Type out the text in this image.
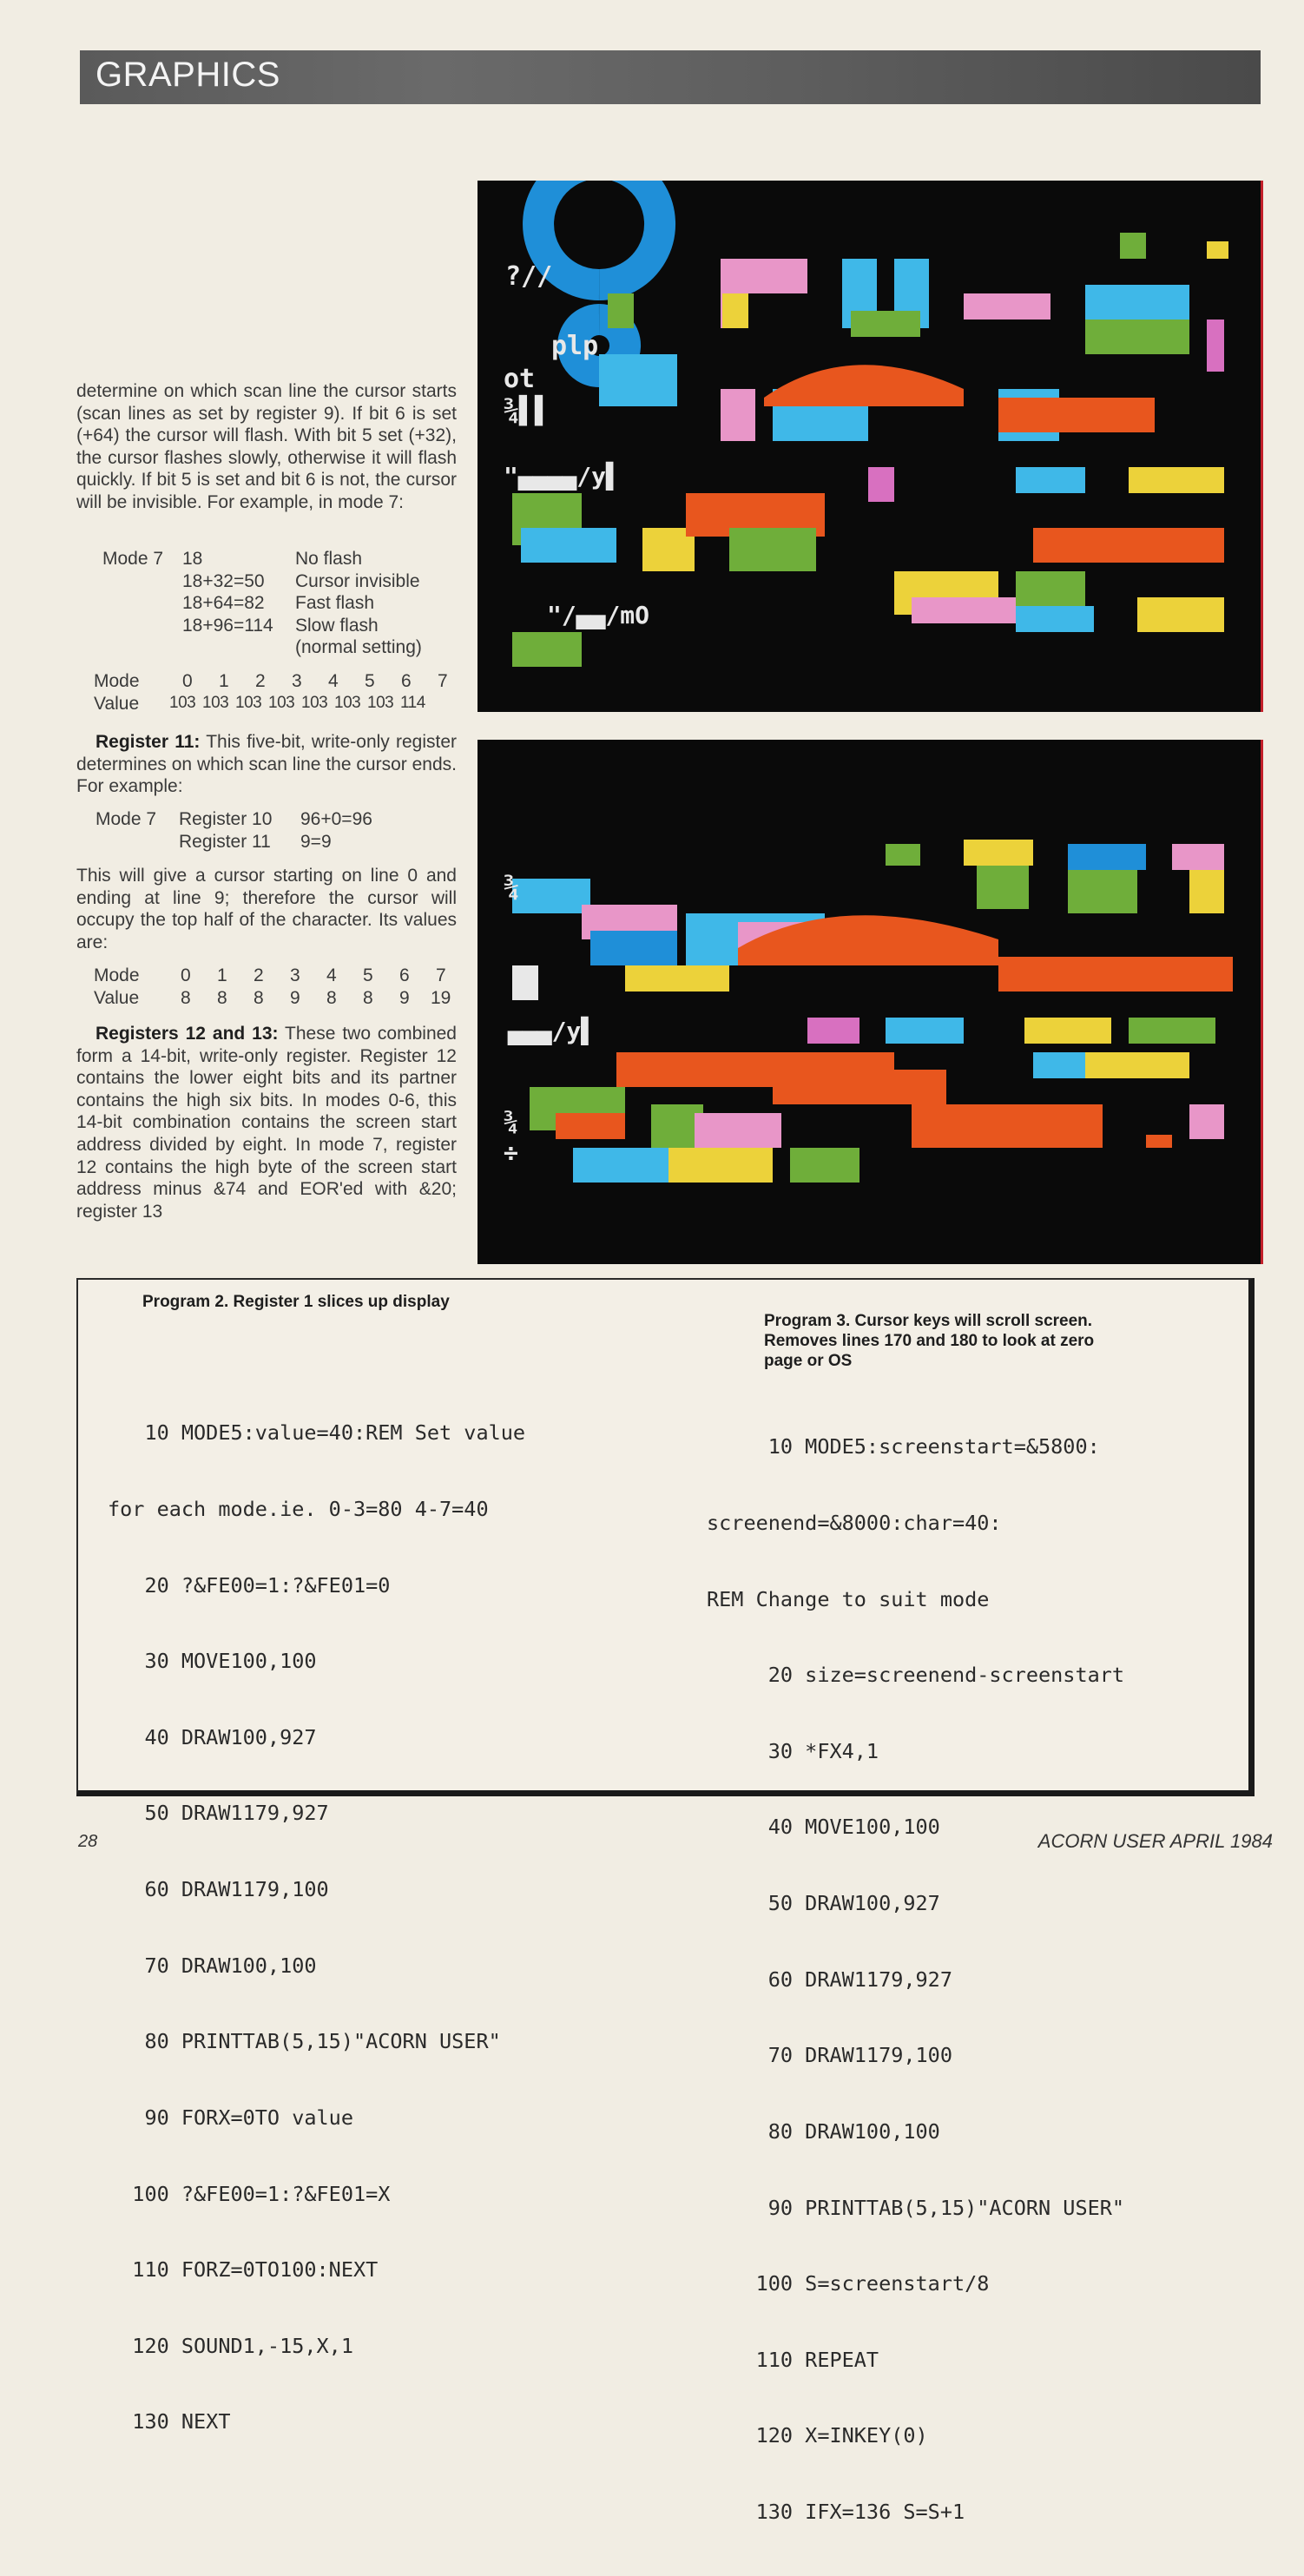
GRAPHICS
?//
plp
ot
¾▌▌
"▄▄▄▄/y▌
"/▄▄/mO
¾
▄▄▄/y▌
¾
÷

determine on which scan line the cursor starts (scan lines as set by register 9). If bit 6 is set (+64) the cursor will flash. With bit 5 set (+32), the cursor flashes slowly, otherwise it will flash quickly. If bit 5 is set and bit 6 is not, the cursor will be invisible. For example, in mode 7:

Mode 7 18	No flash
18+32=50 Cursor invisible
18+64=82 Fast flash
18+96=114 Slow flash
(normal setting)
Mode 0 1 2 3 4 5 6 7
Value 103 103 103 103 103 103 103 114

Register 11: This five-bit, write-only register determines on which scan line the cursor ends. For example:

Mode 7 Register 10 96+0=96
Register 11 9=9

This will give a cursor starting on line 0 and ending at line 9; therefore the cursor will occupy the top half of the character. Its values are:

Mode 0 1 2 3 4 5 6 7
Value 8 8 8 9 8 8 9 19

Registers 12 and 13: These two combined form a 14-bit, write-only register. Register 12 contains the lower eight bits and its partner contains the high six bits. In modes 0-6, this 14-bit combination contains the screen start address divided by eight. In mode 7, register 12 contains the high byte of the screen start address minus &74 and EOR'ed with &20; register 13

Program 2. Register 1 slices up display

10 MODE5:value=40:REM Set value

for each mode.ie. 0-3=80 4-7=40

20 ?&FE00=1:?&FE01=0

30 MOVE100,100

40 DRAW100,927

50 DRAW1179,927

60 DRAW1179,100

70 DRAW100,100

80 PRINTTAB(5,15)"ACORN USER"

90 FORX=0TO value

100 ?&FE00=1:?&FE01=X

110 FORZ=0TO100:NEXT

120 SOUND1,-15,X,1

130 NEXT

Program 3. Cursor keys will scroll screen.
Removes lines 170 and 180 to look at zero
page or OS

10 MODE5:screenstart=&5800:

screenend=&8000:char=40:

REM Change to suit mode

20 size=screenend-screenstart

30 *FX4,1

40 MOVE100,100

50 DRAW100,927

60 DRAW1179,927

70 DRAW1179,100

80 DRAW100,100

90 PRINTTAB(5,15)"ACORN USER"

100 S=screenstart/8

110 REPEAT

120 X=INKEY(0)

130 IFX=136 S=S+1

28	ACORN USER APRIL 1984
